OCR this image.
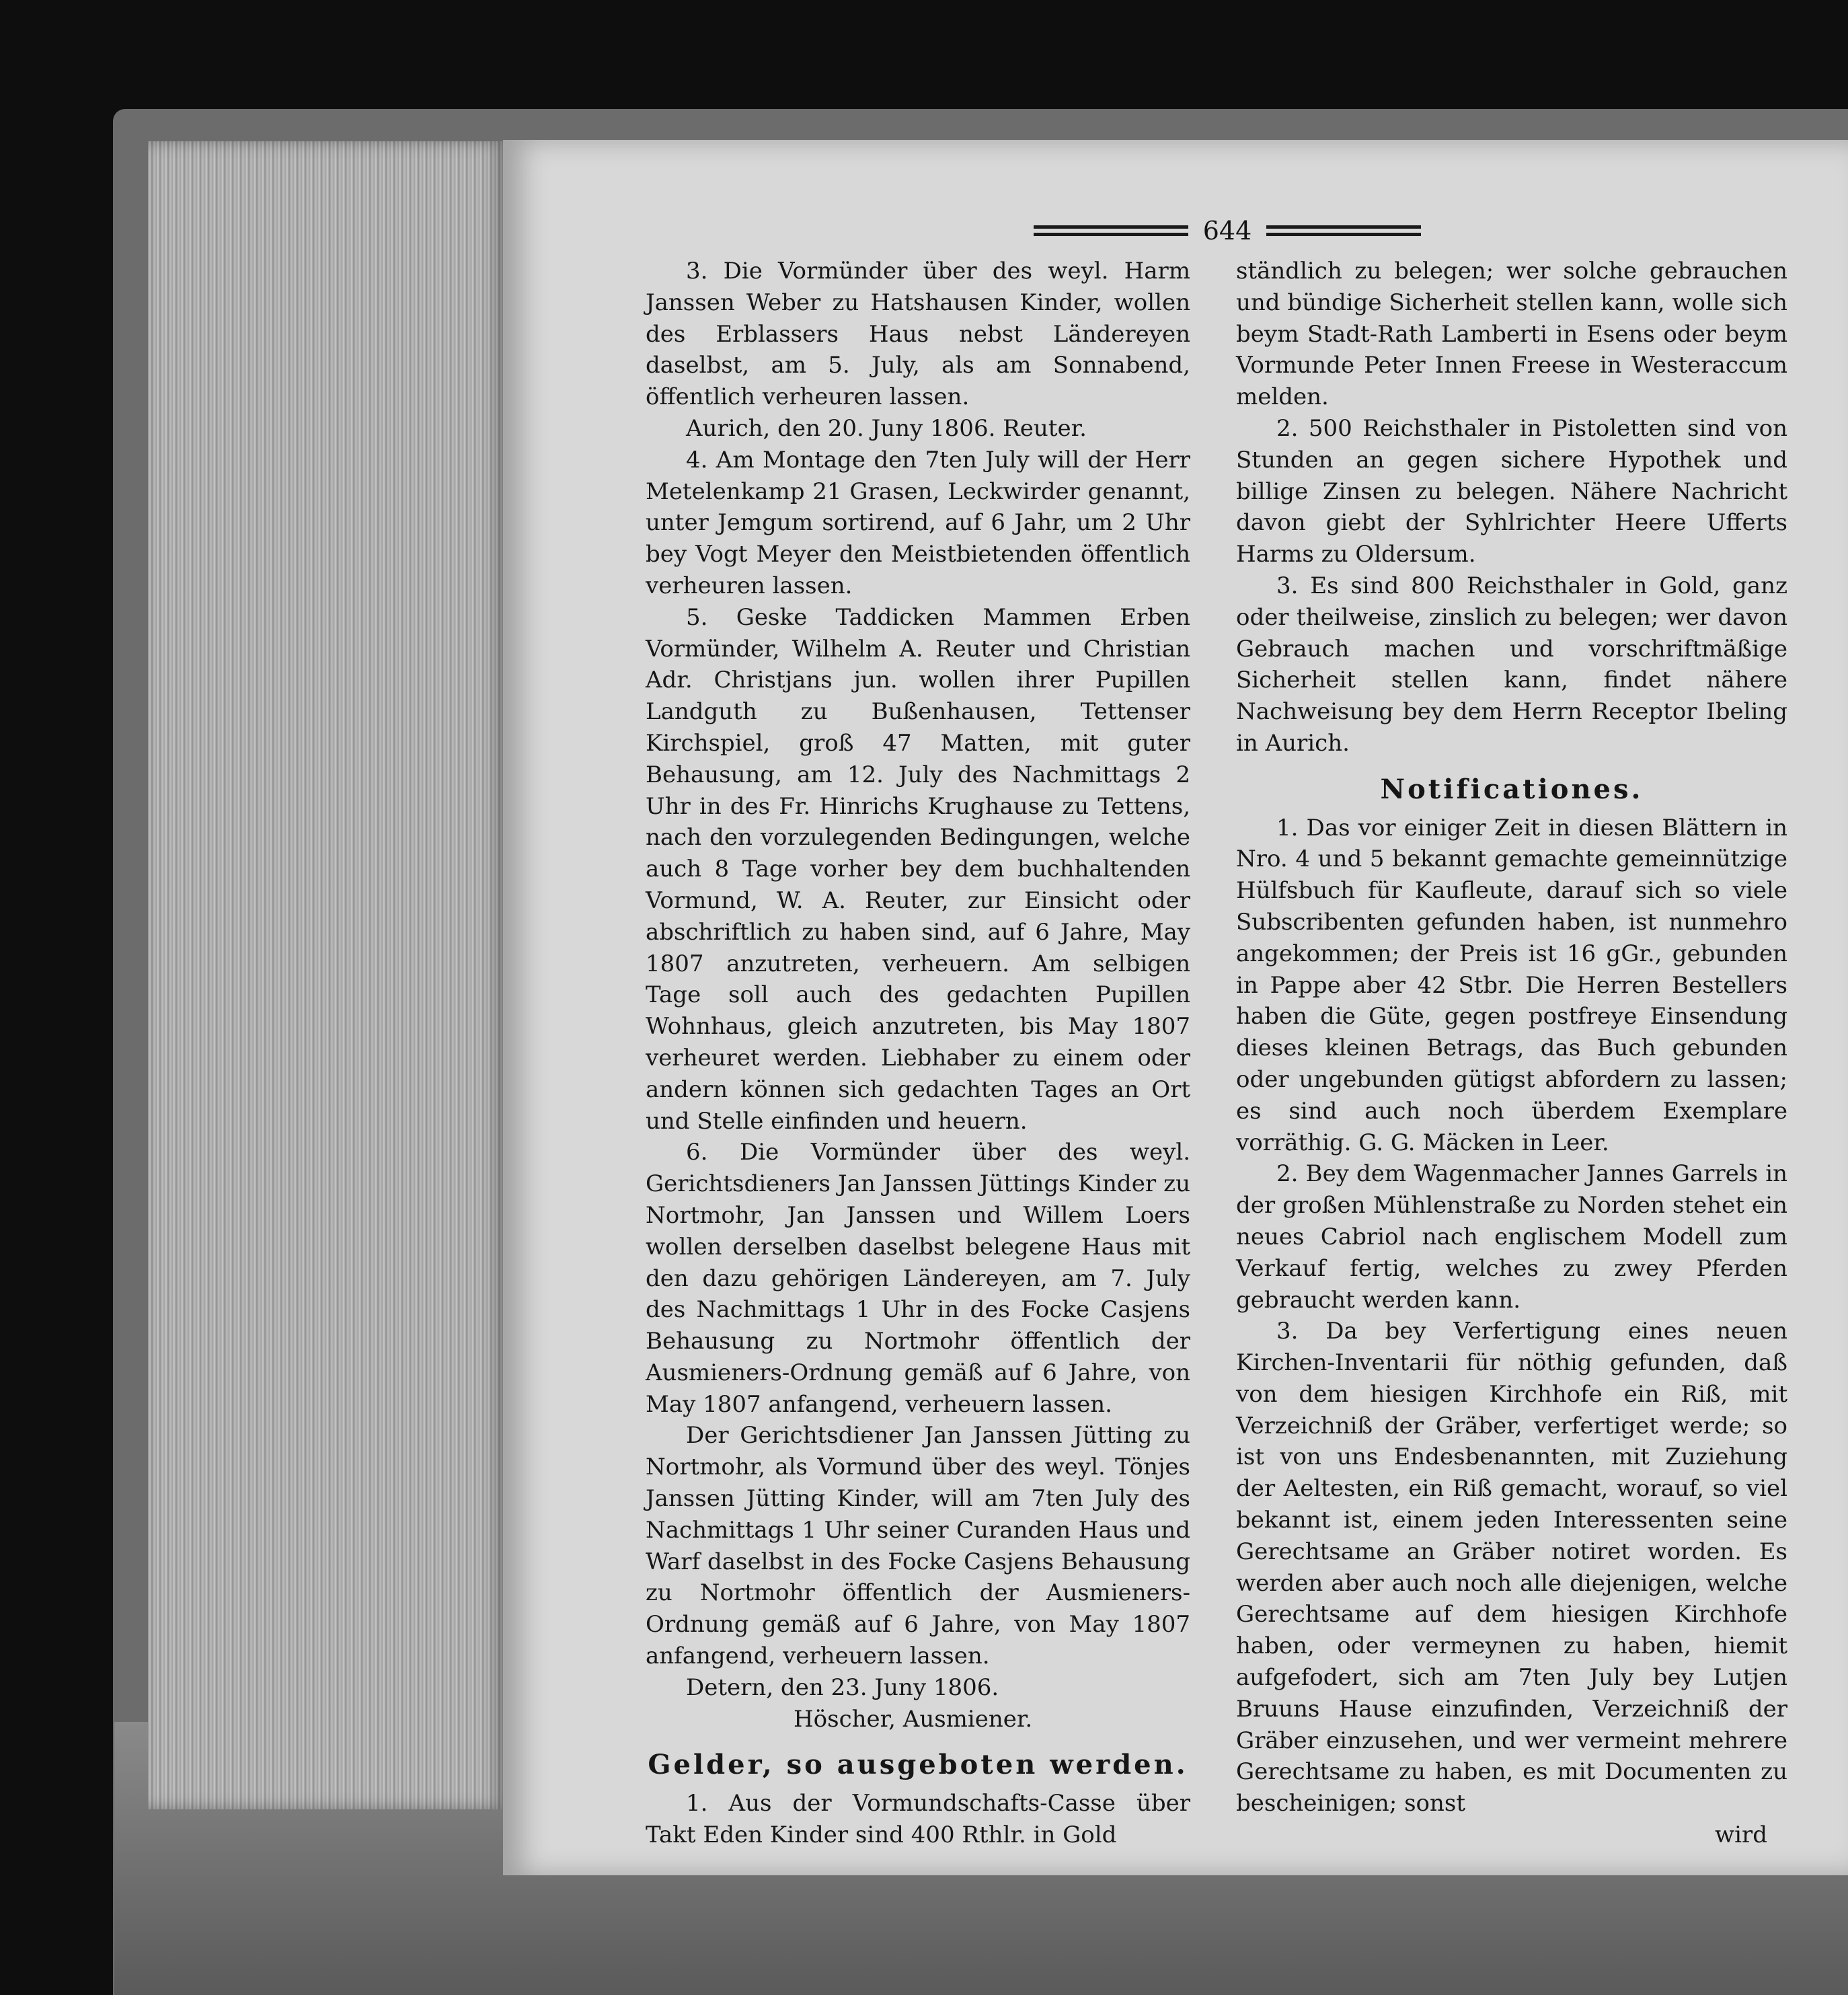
644

3. Die Vormünder über des weyl. Harm Janssen Weber zu Hatshausen Kinder, wollen des Erblassers Haus nebst Ländereyen daselbst, am 5. July, als am Sonnabend, öffentlich verheuren lassen.

Aurich, den 20. Juny 1806. Reuter.

4. Am Montage den 7ten July will der Herr Metelenkamp 21 Grasen, Leckwirder genannt, unter Jemgum sortirend, auf 6 Jahr, um 2 Uhr bey Vogt Meyer den Meistbietenden öffentlich verheuren lassen.

5. Geske Taddicken Mammen Erben Vormünder, Wilhelm A. Reuter und Christian Adr. Christjans jun. wollen ihrer Pupillen Landguth zu Bußenhausen, Tettenser Kirchspiel, groß 47 Matten, mit guter Behausung, am 12. July des Nachmittags 2 Uhr in des Fr. Hinrichs Krughause zu Tettens, nach den vorzulegenden Bedingungen, welche auch 8 Tage vorher bey dem buchhaltenden Vormund, W. A. Reuter, zur Einsicht oder abschriftlich zu haben sind, auf 6 Jahre, May 1807 anzutreten, verheuern. Am selbigen Tage soll auch des gedachten Pupillen Wohnhaus, gleich anzutreten, bis May 1807 verheuret werden. Liebhaber zu einem oder andern können sich gedachten Tages an Ort und Stelle einfinden und heuern.

6. Die Vormünder über des weyl. Gerichtsdieners Jan Janssen Jüttings Kinder zu Nortmohr, Jan Janssen und Willem Loers wollen derselben daselbst belegene Haus mit den dazu gehörigen Ländereyen, am 7. July des Nachmittags 1 Uhr in des Focke Casjens Behausung zu Nortmohr öffentlich der Ausmieners-Ordnung gemäß auf 6 Jahre, von May 1807 anfangend, verheuern lassen.

Der Gerichtsdiener Jan Janssen Jütting zu Nortmohr, als Vormund über des weyl. Tönjes Janssen Jütting Kinder, will am 7ten July des Nachmittags 1 Uhr seiner Curanden Haus und Warf daselbst in des Focke Casjens Behausung zu Nortmohr öffentlich der Ausmieners-Ordnung gemäß auf 6 Jahre, von May 1807 anfangend, verheuern lassen.

Detern, den 23. Juny 1806.

Höscher, Ausmiener.

Gelder, so ausgeboten werden.

1. Aus der Vormundschafts-Casse über Takt Eden Kinder sind 400 Rthlr. in Gold

ständlich zu belegen; wer solche gebrauchen und bündige Sicherheit stellen kann, wolle sich beym Stadt-Rath Lamberti in Esens oder beym Vormunde Peter Innen Freese in Westeraccum melden.

2. 500 Reichsthaler in Pistoletten sind von Stunden an gegen sichere Hypothek und billige Zinsen zu belegen. Nähere Nachricht davon giebt der Syhlrichter Heere Ufferts Harms zu Oldersum.

3. Es sind 800 Reichsthaler in Gold, ganz oder theilweise, zinslich zu belegen; wer davon Gebrauch machen und vorschriftmäßige Sicherheit stellen kann, findet nähere Nachweisung bey dem Herrn Receptor Ibeling in Aurich.

Notificationes.

1. Das vor einiger Zeit in diesen Blättern in Nro. 4 und 5 bekannt gemachte gemeinnützige Hülfsbuch für Kaufleute, darauf sich so viele Subscribenten gefunden haben, ist nunmehro angekommen; der Preis ist 16 gGr., gebunden in Pappe aber 42 Stbr. Die Herren Bestellers haben die Güte, gegen postfreye Einsendung dieses kleinen Betrags, das Buch gebunden oder ungebunden gütigst abfordern zu lassen; es sind auch noch überdem Exemplare vorräthig. G. G. Mäcken in Leer.

2. Bey dem Wagenmacher Jannes Garrels in der großen Mühlenstraße zu Norden stehet ein neues Cabriol nach englischem Modell zum Verkauf fertig, welches zu zwey Pferden gebraucht werden kann.

3. Da bey Verfertigung eines neuen Kirchen-Inventarii für nöthig gefunden, daß von dem hiesigen Kirchhofe ein Riß, mit Verzeichniß der Gräber, verfertiget werde; so ist von uns Endesbenannten, mit Zuziehung der Aeltesten, ein Riß gemacht, worauf, so viel bekannt ist, einem jeden Interessenten seine Gerechtsame an Gräber notiret worden. Es werden aber auch noch alle diejenigen, welche Gerechtsame auf dem hiesigen Kirchhofe haben, oder vermeynen zu haben, hiemit aufgefodert, sich am 7ten July bey Lutjen Bruuns Hause einzufinden, Verzeichniß der Gräber einzusehen, und wer vermeint mehrere Gerechtsame zu haben, es mit Documenten zu bescheinigen; sonst

wird
